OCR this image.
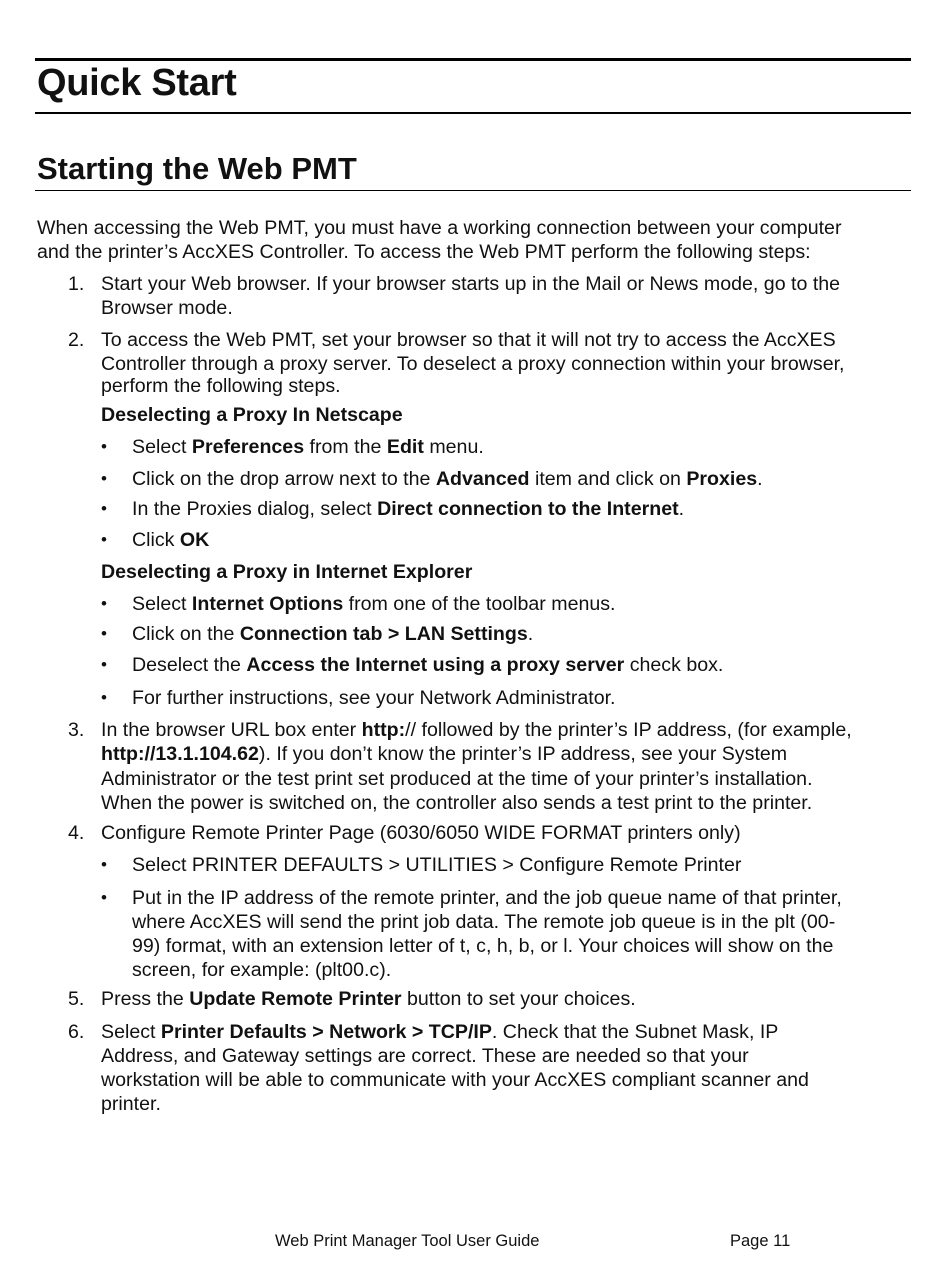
Quick Start
Starting the Web PMT
When accessing the Web PMT, you must have a working connection between your computer
and the printer’s AccXES Controller. To access the Web PMT perform the following steps:
1. Start your Web browser. If your browser starts up in the Mail or News mode, go to the
Browser mode.
2. To access the Web PMT, set your browser so that it will not try to access the AccXES
Controller through a proxy server. To deselect a proxy connection within your browser,
perform the following steps.
Deselecting a Proxy In Netscape
• Select Preferences from the Edit menu.
• Click on the drop arrow next to the Advanced item and click on Proxies.
• In the Proxies dialog, select Direct connection to the Internet.
• Click OK
Deselecting a Proxy in Internet Explorer
• Select Internet Options from one of the toolbar menus.
• Click on the Connection tab > LAN Settings.
• Deselect the Access the Internet using a proxy server check box.
• For further instructions, see your Network Administrator.
3. In the browser URL box enter http:// followed by the printer’s IP address, (for example,
http://13.1.104.62). If you don’t know the printer’s IP address, see your System
Administrator or the test print set produced at the time of your printer’s installation.
When the power is switched on, the controller also sends a test print to the printer.
4. Configure Remote Printer Page (6030/6050 WIDE FORMAT printers only)
• Select PRINTER DEFAULTS > UTILITIES > Configure Remote Printer
• Put in the IP address of the remote printer, and the job queue name of that printer,
where AccXES will send the print job data. The remote job queue is in the plt (00-
99) format, with an extension letter of t, c, h, b, or l. Your choices will show on the
screen, for example: (plt00.c).
5. Press the Update Remote Printer button to set your choices.
6. Select Printer Defaults > Network > TCP/IP. Check that the Subnet Mask, IP
Address, and Gateway settings are correct. These are needed so that your
workstation will be able to communicate with your AccXES compliant scanner and
printer.
Web Print Manager Tool User Guide	Page 11
